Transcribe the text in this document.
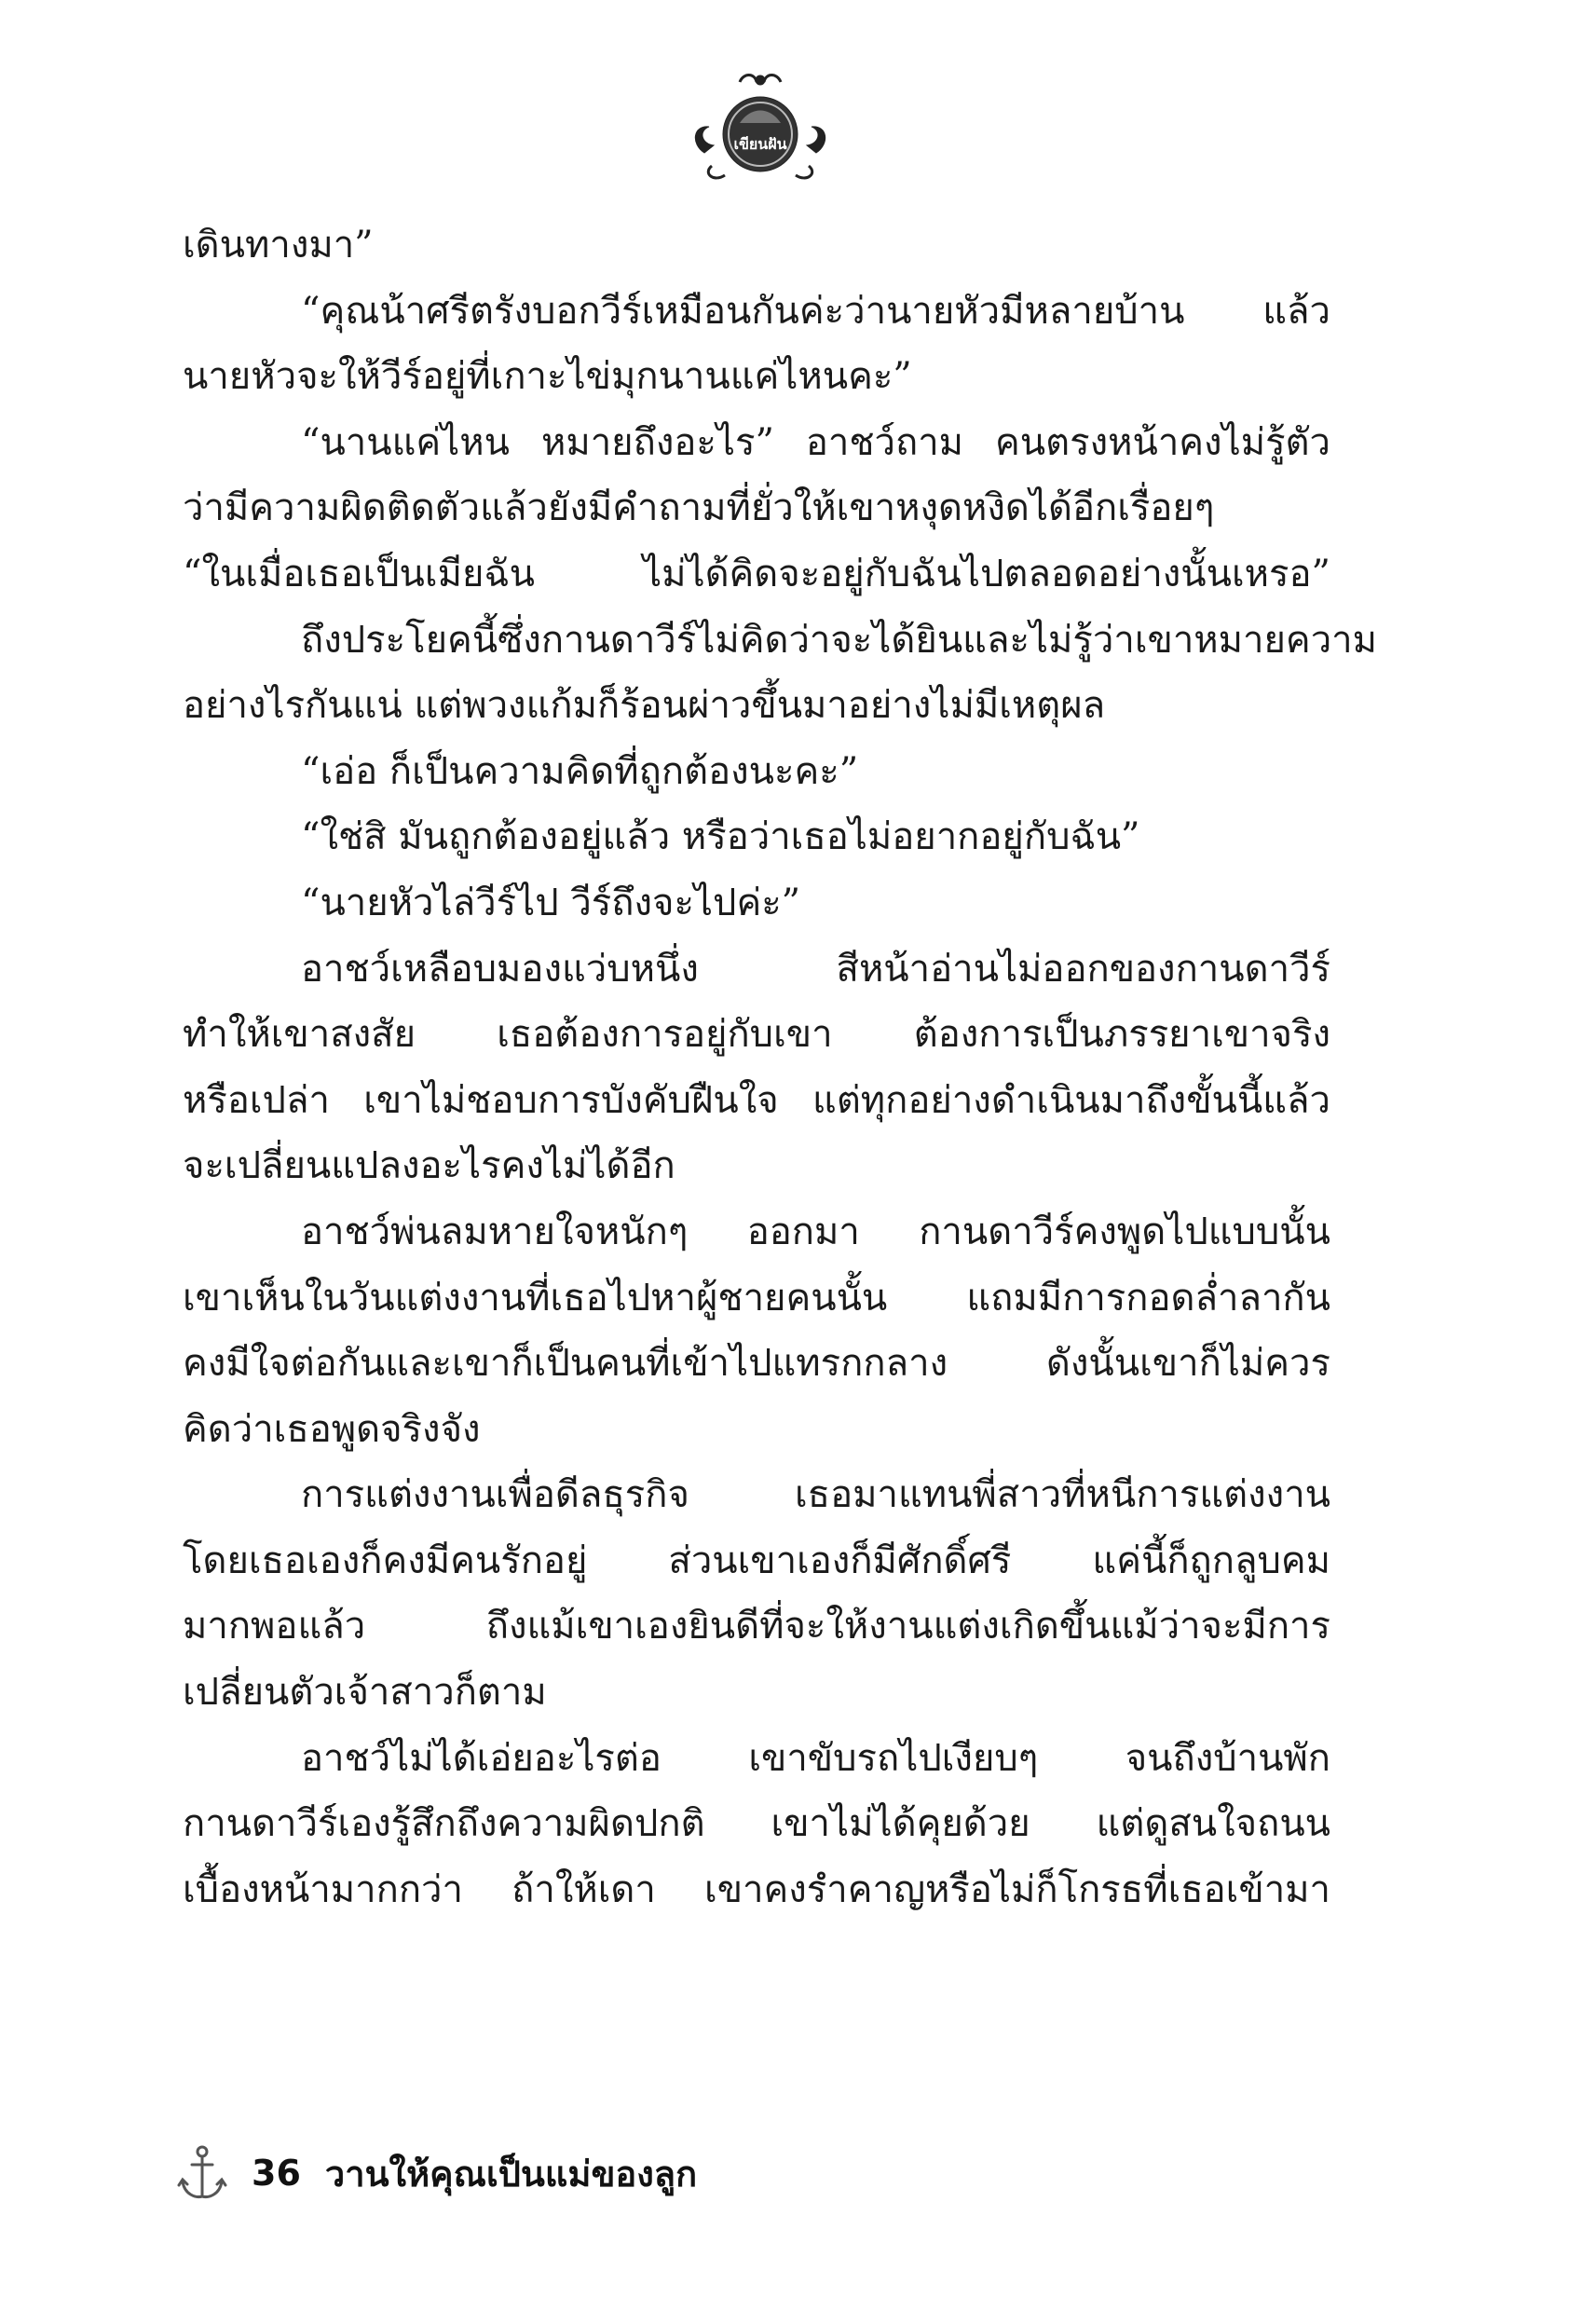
เขียนฝัน
เดินทางมา”
“คุณน้าศรีตรังบอกวีร์เหมือนกันค่ะว่านายหัวมีหลายบ้าน แล้ว
นายหัวจะให้วีร์อยู่ที่เกาะไข่มุกนานแค่ไหนคะ”
“นานแค่ไหน หมายถึงอะไร” อาชว์ถาม คนตรงหน้าคงไม่รู้ตัว
ว่ามีความผิดติดตัวแล้วยังมีคำถามที่ยั่วให้เขาหงุดหงิดได้อีกเรื่อยๆ
“ในเมื่อเธอเป็นเมียฉัน ไม่ได้คิดจะอยู่กับฉันไปตลอดอย่างนั้นเหรอ”
ถึงประโยคนี้ซึ่งกานดาวีร์ไม่คิดว่าจะได้ยินและไม่รู้ว่าเขาหมายความ
อย่างไรกันแน่ แต่พวงแก้มก็ร้อนผ่าวขึ้นมาอย่างไม่มีเหตุผล
“เอ่อ ก็เป็นความคิดที่ถูกต้องนะคะ”
“ใช่สิ มันถูกต้องอยู่แล้ว หรือว่าเธอไม่อยากอยู่กับฉัน”
“นายหัวไล่วีร์ไป วีร์ถึงจะไปค่ะ”
อาชว์เหลือบมองแว่บหนึ่ง สีหน้าอ่านไม่ออกของกานดาวีร์
ทำให้เขาสงสัย เธอต้องการอยู่กับเขา ต้องการเป็นภรรยาเขาจริง
หรือเปล่า เขาไม่ชอบการบังคับฝืนใจ แต่ทุกอย่างดำเนินมาถึงขั้นนี้แล้ว
จะเปลี่ยนแปลงอะไรคงไม่ได้อีก
อาชว์พ่นลมหายใจหนักๆ ออกมา กานดาวีร์คงพูดไปแบบนั้น
เขาเห็นในวันแต่งงานที่เธอไปหาผู้ชายคนนั้น แถมมีการกอดล่ำลากัน
คงมีใจต่อกันและเขาก็เป็นคนที่เข้าไปแทรกกลาง ดังนั้นเขาก็ไม่ควร
คิดว่าเธอพูดจริงจัง
การแต่งงานเพื่อดีลธุรกิจ เธอมาแทนพี่สาวที่หนีการแต่งงาน
โดยเธอเองก็คงมีคนรักอยู่ ส่วนเขาเองก็มีศักดิ์ศรี แค่นี้ก็ถูกลูบคม
มากพอแล้ว ถึงแม้เขาเองยินดีที่จะให้งานแต่งเกิดขึ้นแม้ว่าจะมีการ
เปลี่ยนตัวเจ้าสาวก็ตาม
อาชว์ไม่ได้เอ่ยอะไรต่อ เขาขับรถไปเงียบๆ จนถึงบ้านพัก
กานดาวีร์เองรู้สึกถึงความผิดปกติ เขาไม่ได้คุยด้วย แต่ดูสนใจถนน
เบื้องหน้ามากกว่า ถ้าให้เดา เขาคงรำคาญหรือไม่ก็โกรธที่เธอเข้ามา
36 วานให้คุณเป็นแม่ของลูก
